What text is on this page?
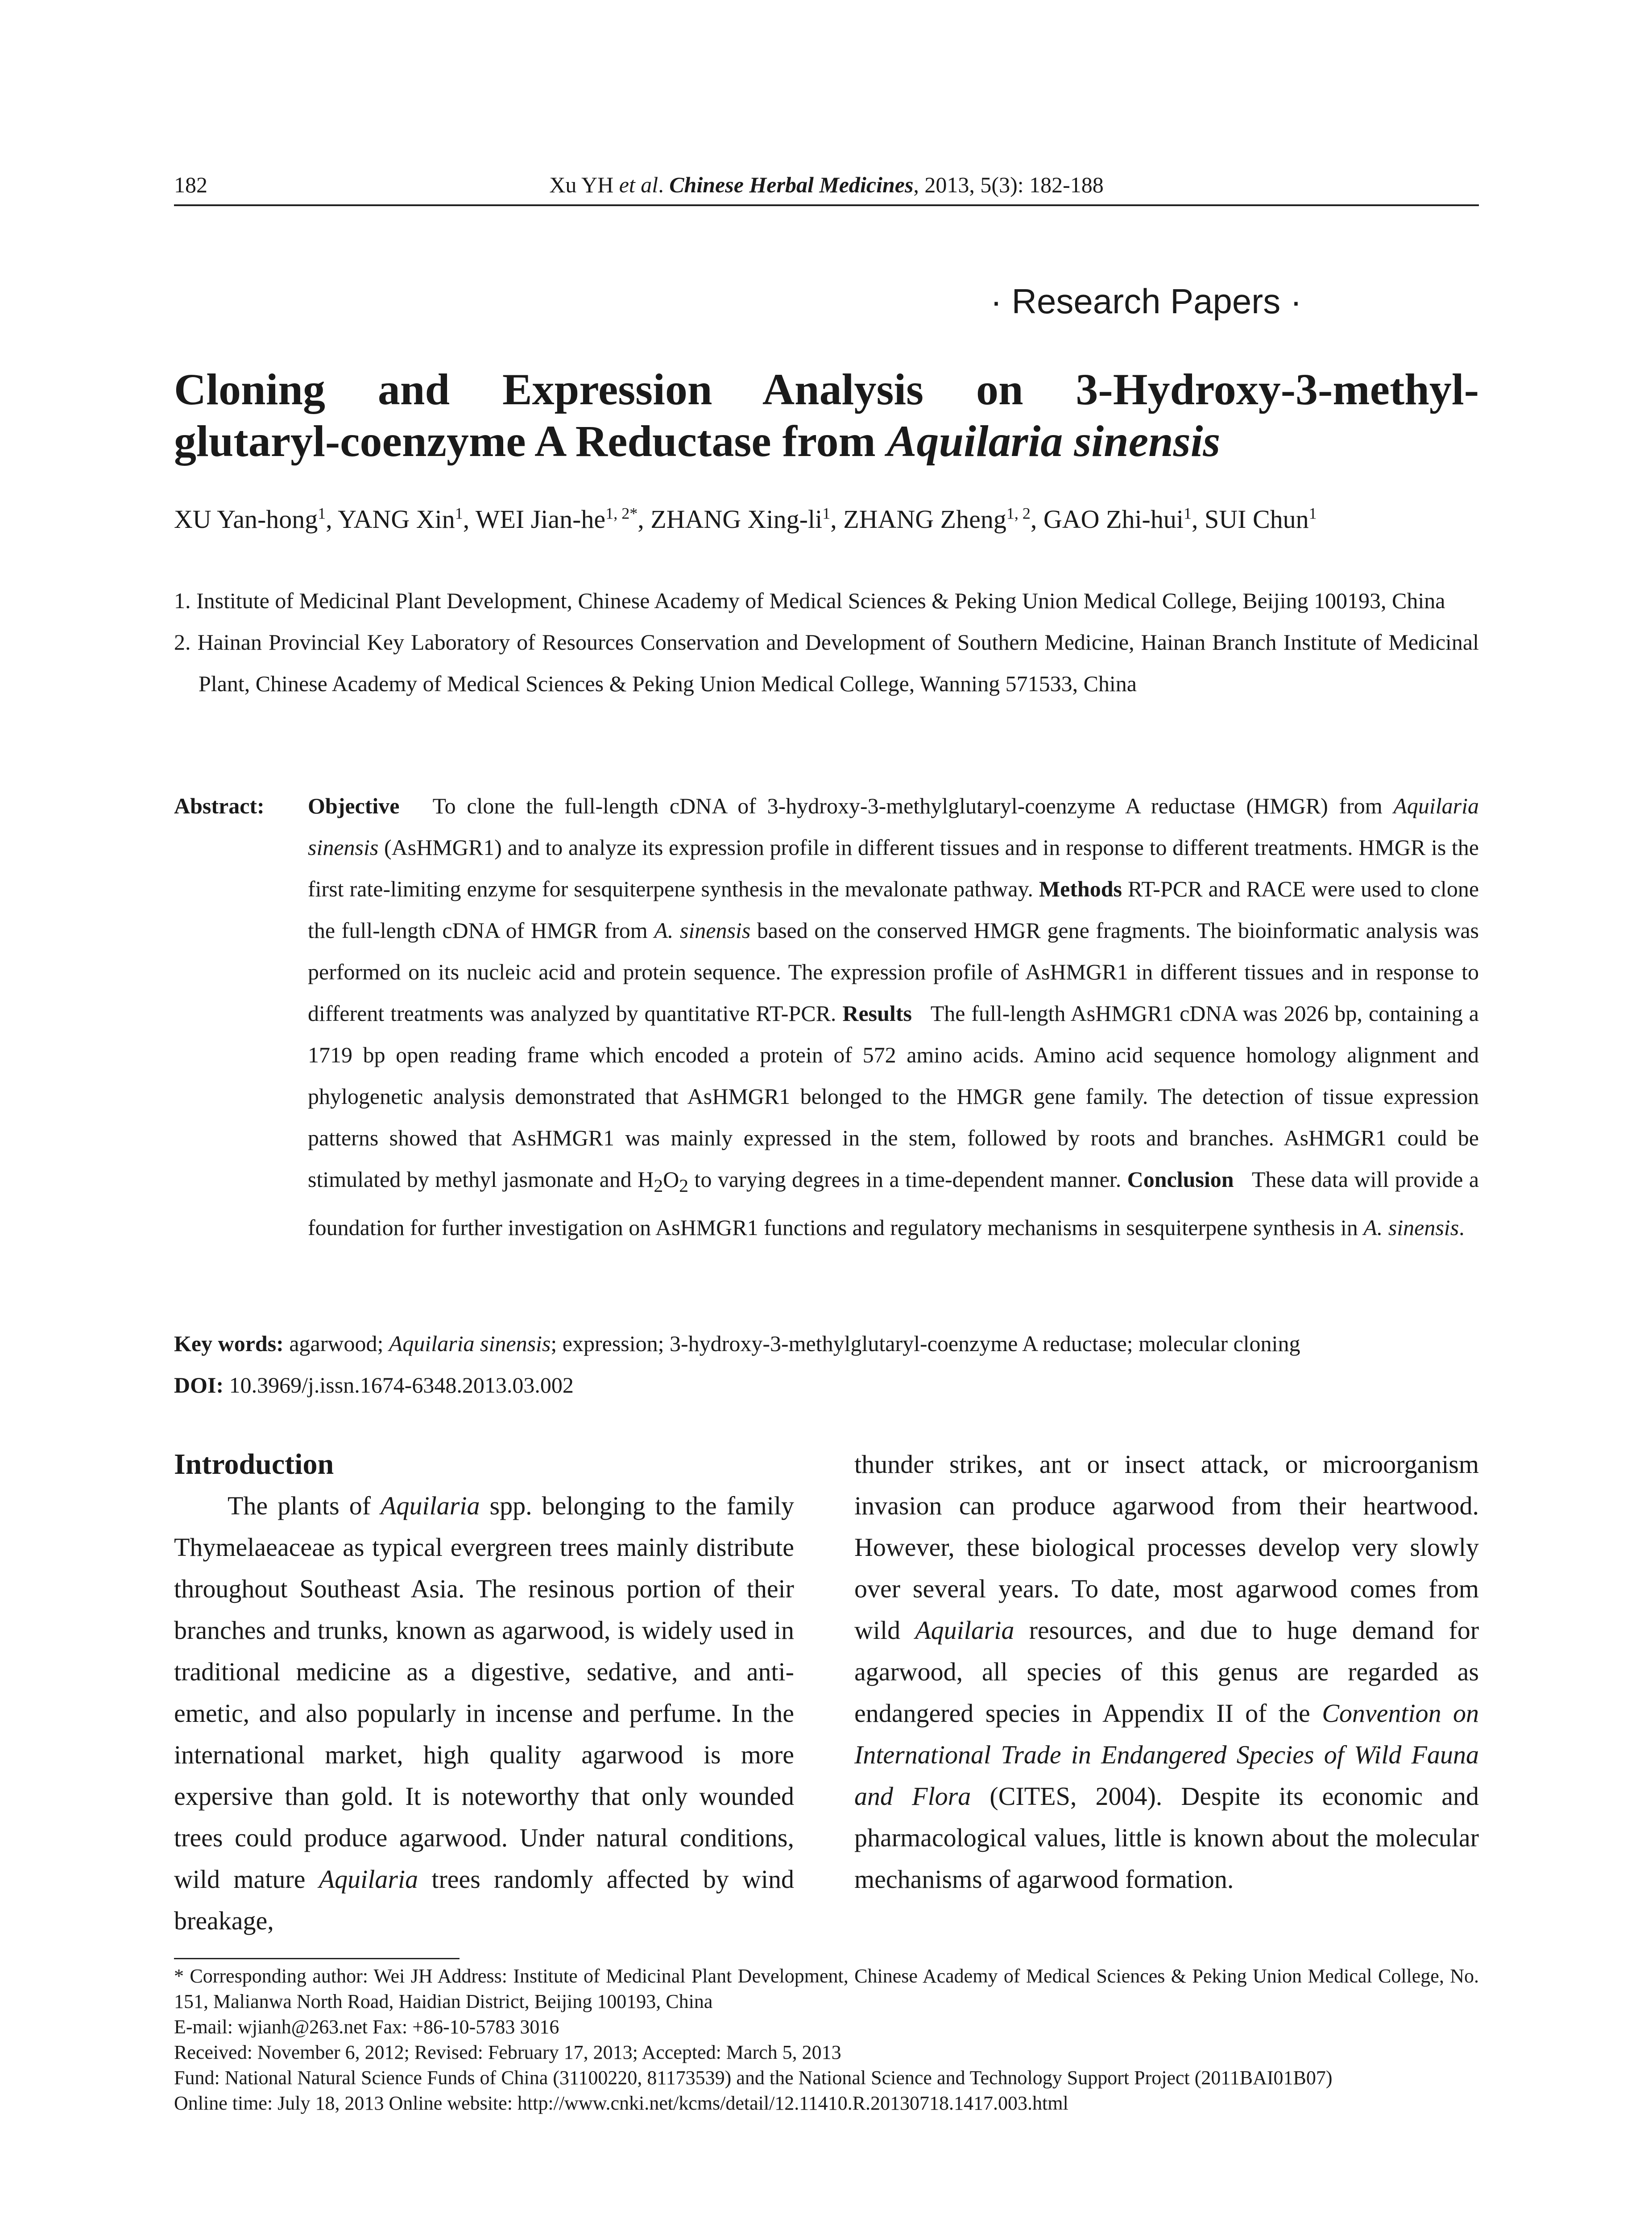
182	Xu YH et al. Chinese Herbal Medicines, 2013, 5(3): 182-188
· Research Papers ·
Cloning and Expression Analysis on 3-Hydroxy-3-methyl-
glutaryl-coenzyme A Reductase from Aquilaria sinensis
XU Yan-hong$^1$, YANG Xin$^1$, WEI Jian-$he^{1, 2*}$, ZHANG Xing-$li^1$, ZHANG Zheng$^{1, 2}$, GAO Zhi-hui$^1$, SUI Chun$^1$
1. Institute of Medicinal Plant Development, Chinese Academy of Medical Sciences & Peking Union Medical College, Beijing 100193, China
2. Hainan Provincial Key Laboratory of Resources Conservation and Development of Southern Medicine, Hainan Branch Institute of Medicinal Plant, Chinese Academy of Medical Sciences & Peking Union Medical College, Wanning 571533, China
Abstract: Objective To clone the full-length cDNA of 3-hydroxy-3-methylglutaryl-coenzyme A reductase (HMGR) from Aquilaria sinensis (AsHMGR1) and to analyze its expression profile in different tissues and in response to different treatments. HMGR is the first rate-limiting enzyme for sesquiterpene synthesis in the mevalonate pathway. Methods RT-PCR and RACE were used to clone the full-length cDNA of HMGR from A. sinensis based on the conserved HMGR gene fragments. The bioinformatic analysis was performed on its nucleic acid and protein sequence. The expression profile of AsHMGR1 in different tissues and in response to different treatments was analyzed by quantitative RT-PCR. Results The full-length AsHMGR1 cDNA was 2026 bp, containing a 1719 bp open reading frame which encoded a protein of 572 amino acids. Amino acid sequence homology alignment and phylogenetic analysis demonstrated that AsHMGR1 belonged to the HMGR gene family. The detection of tissue expression patterns showed that AsHMGR1 was mainly expressed in the stem, followed by roots and branches. AsHMGR1 could be stimulated by methyl jasmonate and $H_2O_2$ to varying degrees in a time-dependent manner. Conclusion These data will provide a foundation for further investigation on AsHMGR1 functions and regulatory mechanisms in sesquiterpene synthesis in A. sinensis.
Key words: agarwood; Aquilaria sinensis; expression; 3-hydroxy-3-methylglutaryl-coenzyme A reductase; molecular cloning
DOI: 10.3969/j.issn.1674-6348.2013.03.002
Introduction

The plants of Aquilaria spp. belonging to the family Thymelaeaceae as typical evergreen trees mainly distribute throughout Southeast Asia. The resinous portion of their branches and trunks, known as agarwood, is widely used in traditional medicine as a digestive, sedative, and anti-emetic, and also popularly in incense and perfume. In the international market, high quality agarwood is more expersive than gold. It is noteworthy that only wounded trees could produce agarwood. Under natural conditions, wild mature Aquilaria trees randomly affected by wind breakage,

thunder strikes, ant or insect attack, or microorganism invasion can produce agarwood from their heartwood. However, these biological processes develop very slowly over several years. To date, most agarwood comes from wild Aquilaria resources, and due to huge demand for agarwood, all species of this genus are regarded as endangered species in Appendix II of the Convention on International Trade in Endangered Species of Wild Fauna and Flora (CITES, 2004). Despite its economic and pharmacological values, little is known about the molecular mechanisms of agarwood formation.
* Corresponding author: Wei JH Address: Institute of Medicinal Plant Development, Chinese Academy of Medical Sciences & Peking Union Medical College, No. 151, Malianwa North Road, Haidian District, Beijing 100193, China
E-mail: wjianh@263.net Fax: +86-10-5783 3016
Received: November 6, 2012; Revised: February 17, 2013; Accepted: March 5, 2013
Fund: National Natural Science Funds of China (31100220, 81173539) and the National Science and Technology Support Project (2011BAI01B07)
Online time: July 18, 2013 Online website: http://www.cnki.net/kcms/detail/12.11410.R.20130718.1417.003.html
